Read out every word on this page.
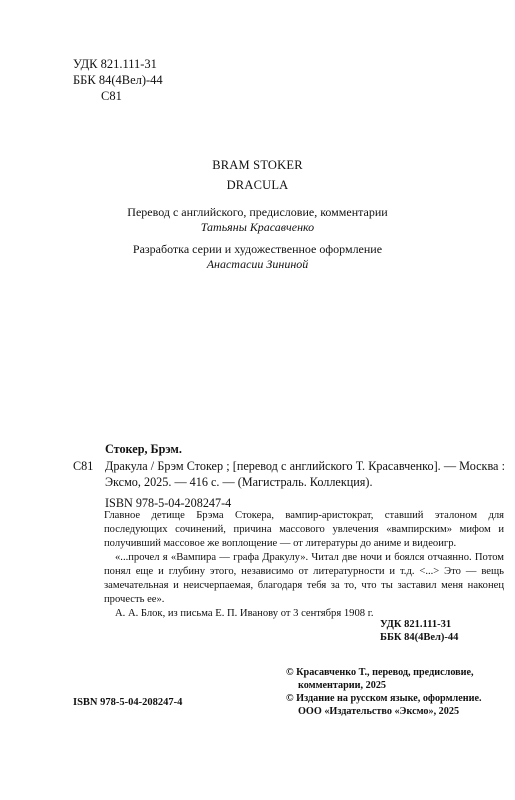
УДК 821.111-31
ББК 84(4Вел)-44
С81
BRAM STOKER
DRACULA
Перевод с английского, предисловие, комментарии
Татьяны Красавченко
Разработка серии и художественное оформление
Анастасии Зининой
Стокер, Брэм.
С81 Дракула / Брэм Стокер ; [перевод с английского Т. Красавченко]. — Москва : Эксмо, 2025. — 416 с. — (Магистраль. Коллекция).
ISBN 978-5-04-208247-4

Главное детище Брэма Стокера, вампир-аристократ, ставший эталоном для последующих сочинений, причина массового увлечения «вампирским» мифом и получивший массовое же воплощение — от литературы до аниме и видеоигр.

«...прочел я «Вампира — графа Дракулу». Читал две ночи и боялся отчаянно. Потом понял еще и глубину этого, независимо от литературности и т.д. <...> Это — вещь замечательная и неисчерпаемая, благодаря тебя за то, что ты заставил меня наконец прочесть ее».

А. А. Блок, из письма Е. П. Иванову от 3 сентября 1908 г.

УДК 821.111-31
ББК 84(4Вел)-44
© Красавченко Т., перевод, предисловие,
комментарии, 2025
© Издание на русском языке, оформление.
ООО «Издательство «Эксмо», 2025
ISBN 978-5-04-208247-4
